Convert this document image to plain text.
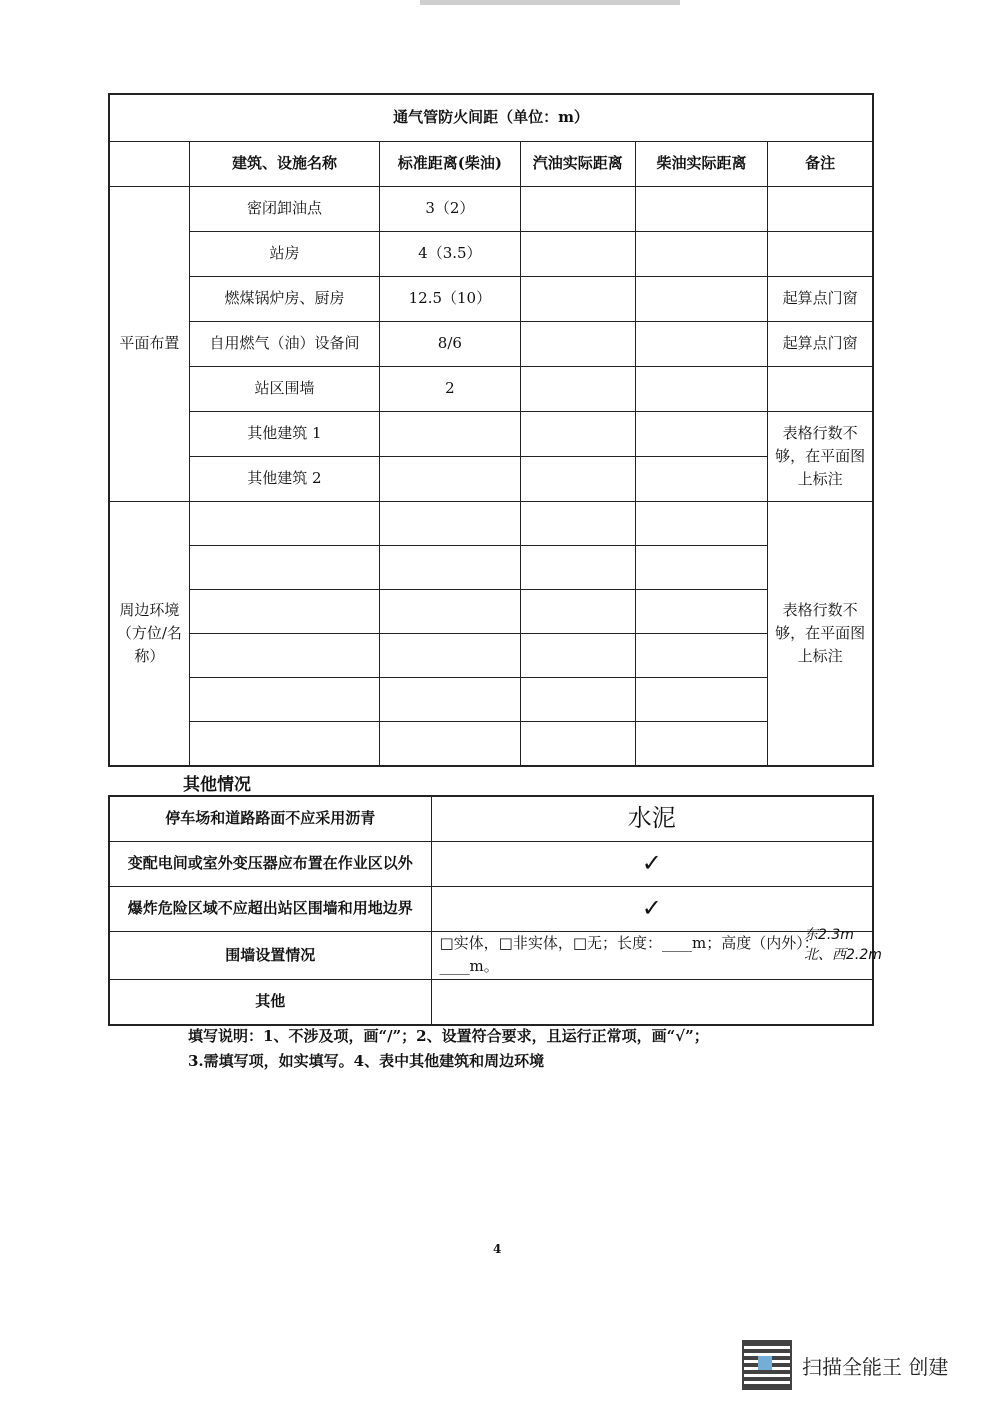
通气管防火间距（单位：m）					
	建筑、设施名称	标准距离(柴油)	汽油实际距离	柴油实际距离	备注
平面布置	密闭卸油点	3（2）			
	站房	4（3.5）			
	燃煤锅炉房、厨房	12.5（10）			起算点门窗
	自用燃气（油）设备间	8/6			起算点门窗
	站区围墙	2			
	其他建筑 1				表格行数不够，在平面图上标注
	其他建筑 2				
周边环境（方位/名称）					表格行数不够，在平面图上标注

其他情况
停车场和道路路面不应采用沥青	水泥

变配电间或室外变压器应布置在作业区以外	✓

爆炸危险区域不应超出站区围墙和用地边界	✓

围墙设置情况	□实体，□非实体，□无；长度：____m；高度（内外）：____m。
东2.3m 北、西2.2m

其他	
填写说明：1、不涉及项，画“/”；2、设置符合要求，且运行正常项，画“√”；
3.需填写项，如实填写。4、表中其他建筑和周边环境
4
扫描全能王 创建
